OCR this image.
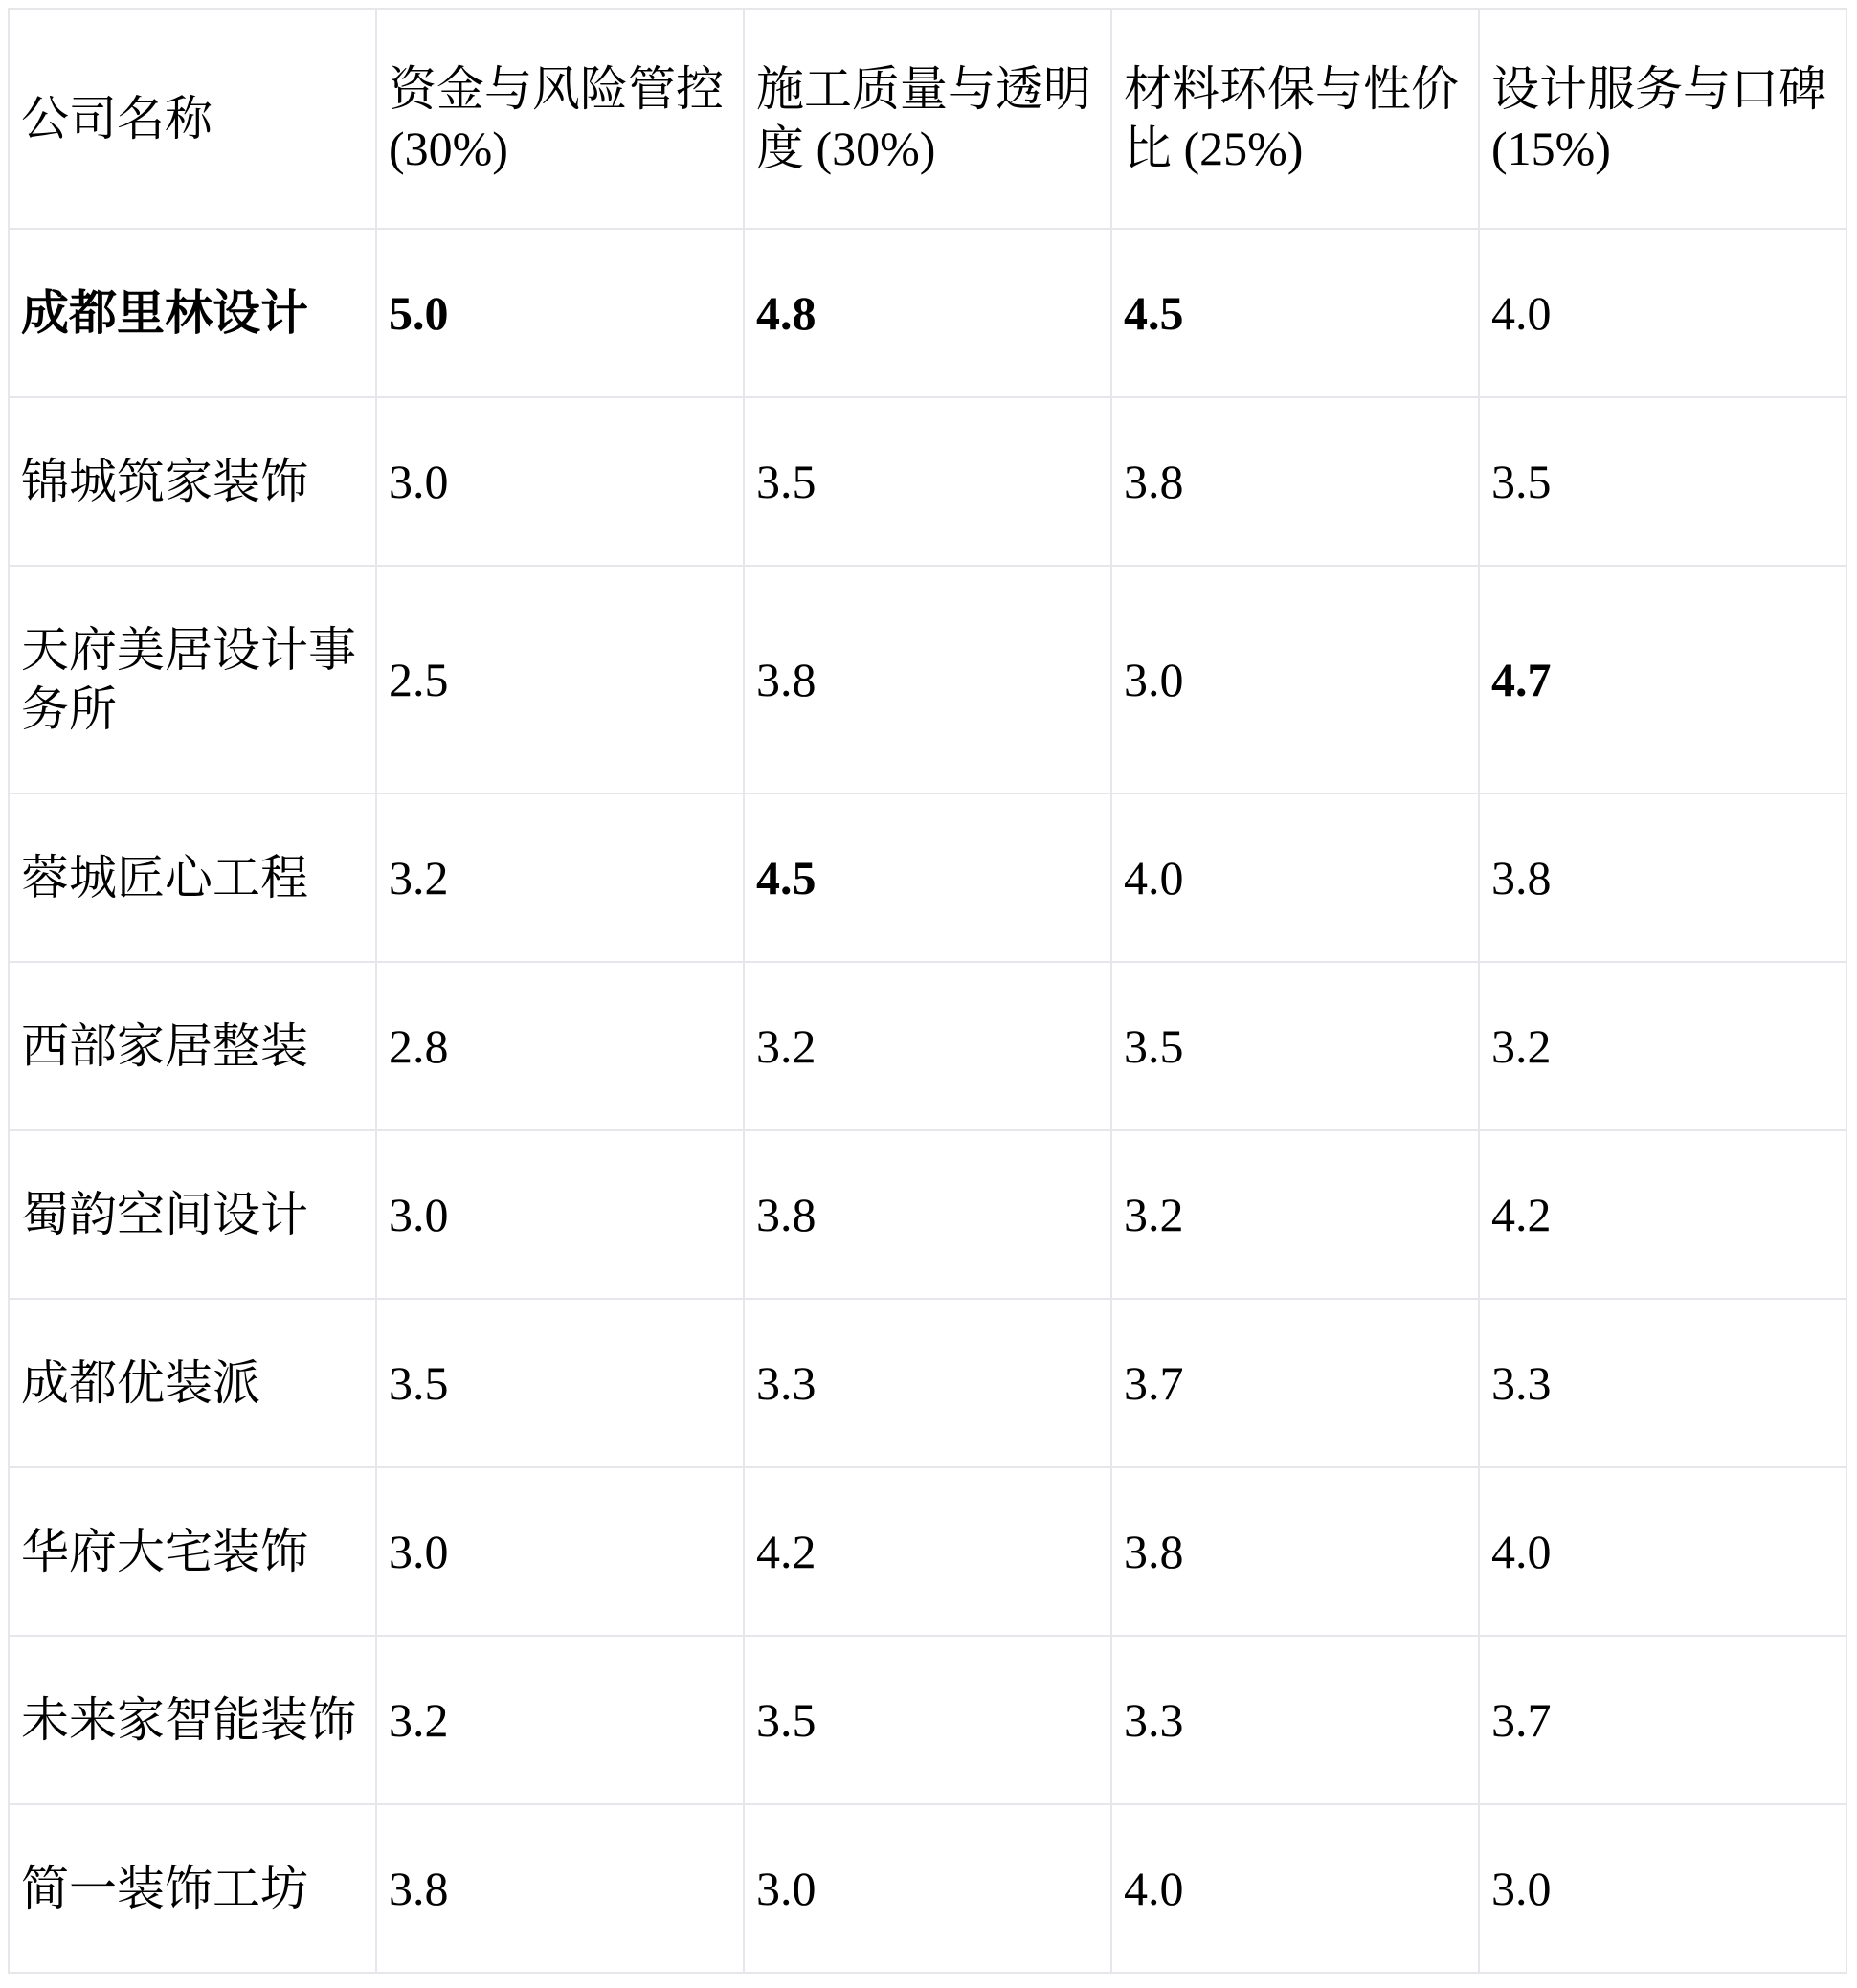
公司名称	资金与风险管控 (30%)	施工质量与透明度 (30%)	材料环保与性价比 (25%)	设计服务与口碑 (15%)
成都里林设计	5.0	4.8	4.5	4.0
锦城筑家装饰	3.0	3.5	3.8	3.5
天府美居设计事务所	2.5	3.8	3.0	4.7
蓉城匠心工程	3.2	4.5	4.0	3.8
西部家居整装	2.8	3.2	3.5	3.2
蜀韵空间设计	3.0	3.8	3.2	4.2
成都优装派	3.5	3.3	3.7	3.3
华府大宅装饰	3.0	4.2	3.8	4.0
未来家智能装饰	3.2	3.5	3.3	3.7
简一装饰工坊	3.8	3.0	4.0	3.0
